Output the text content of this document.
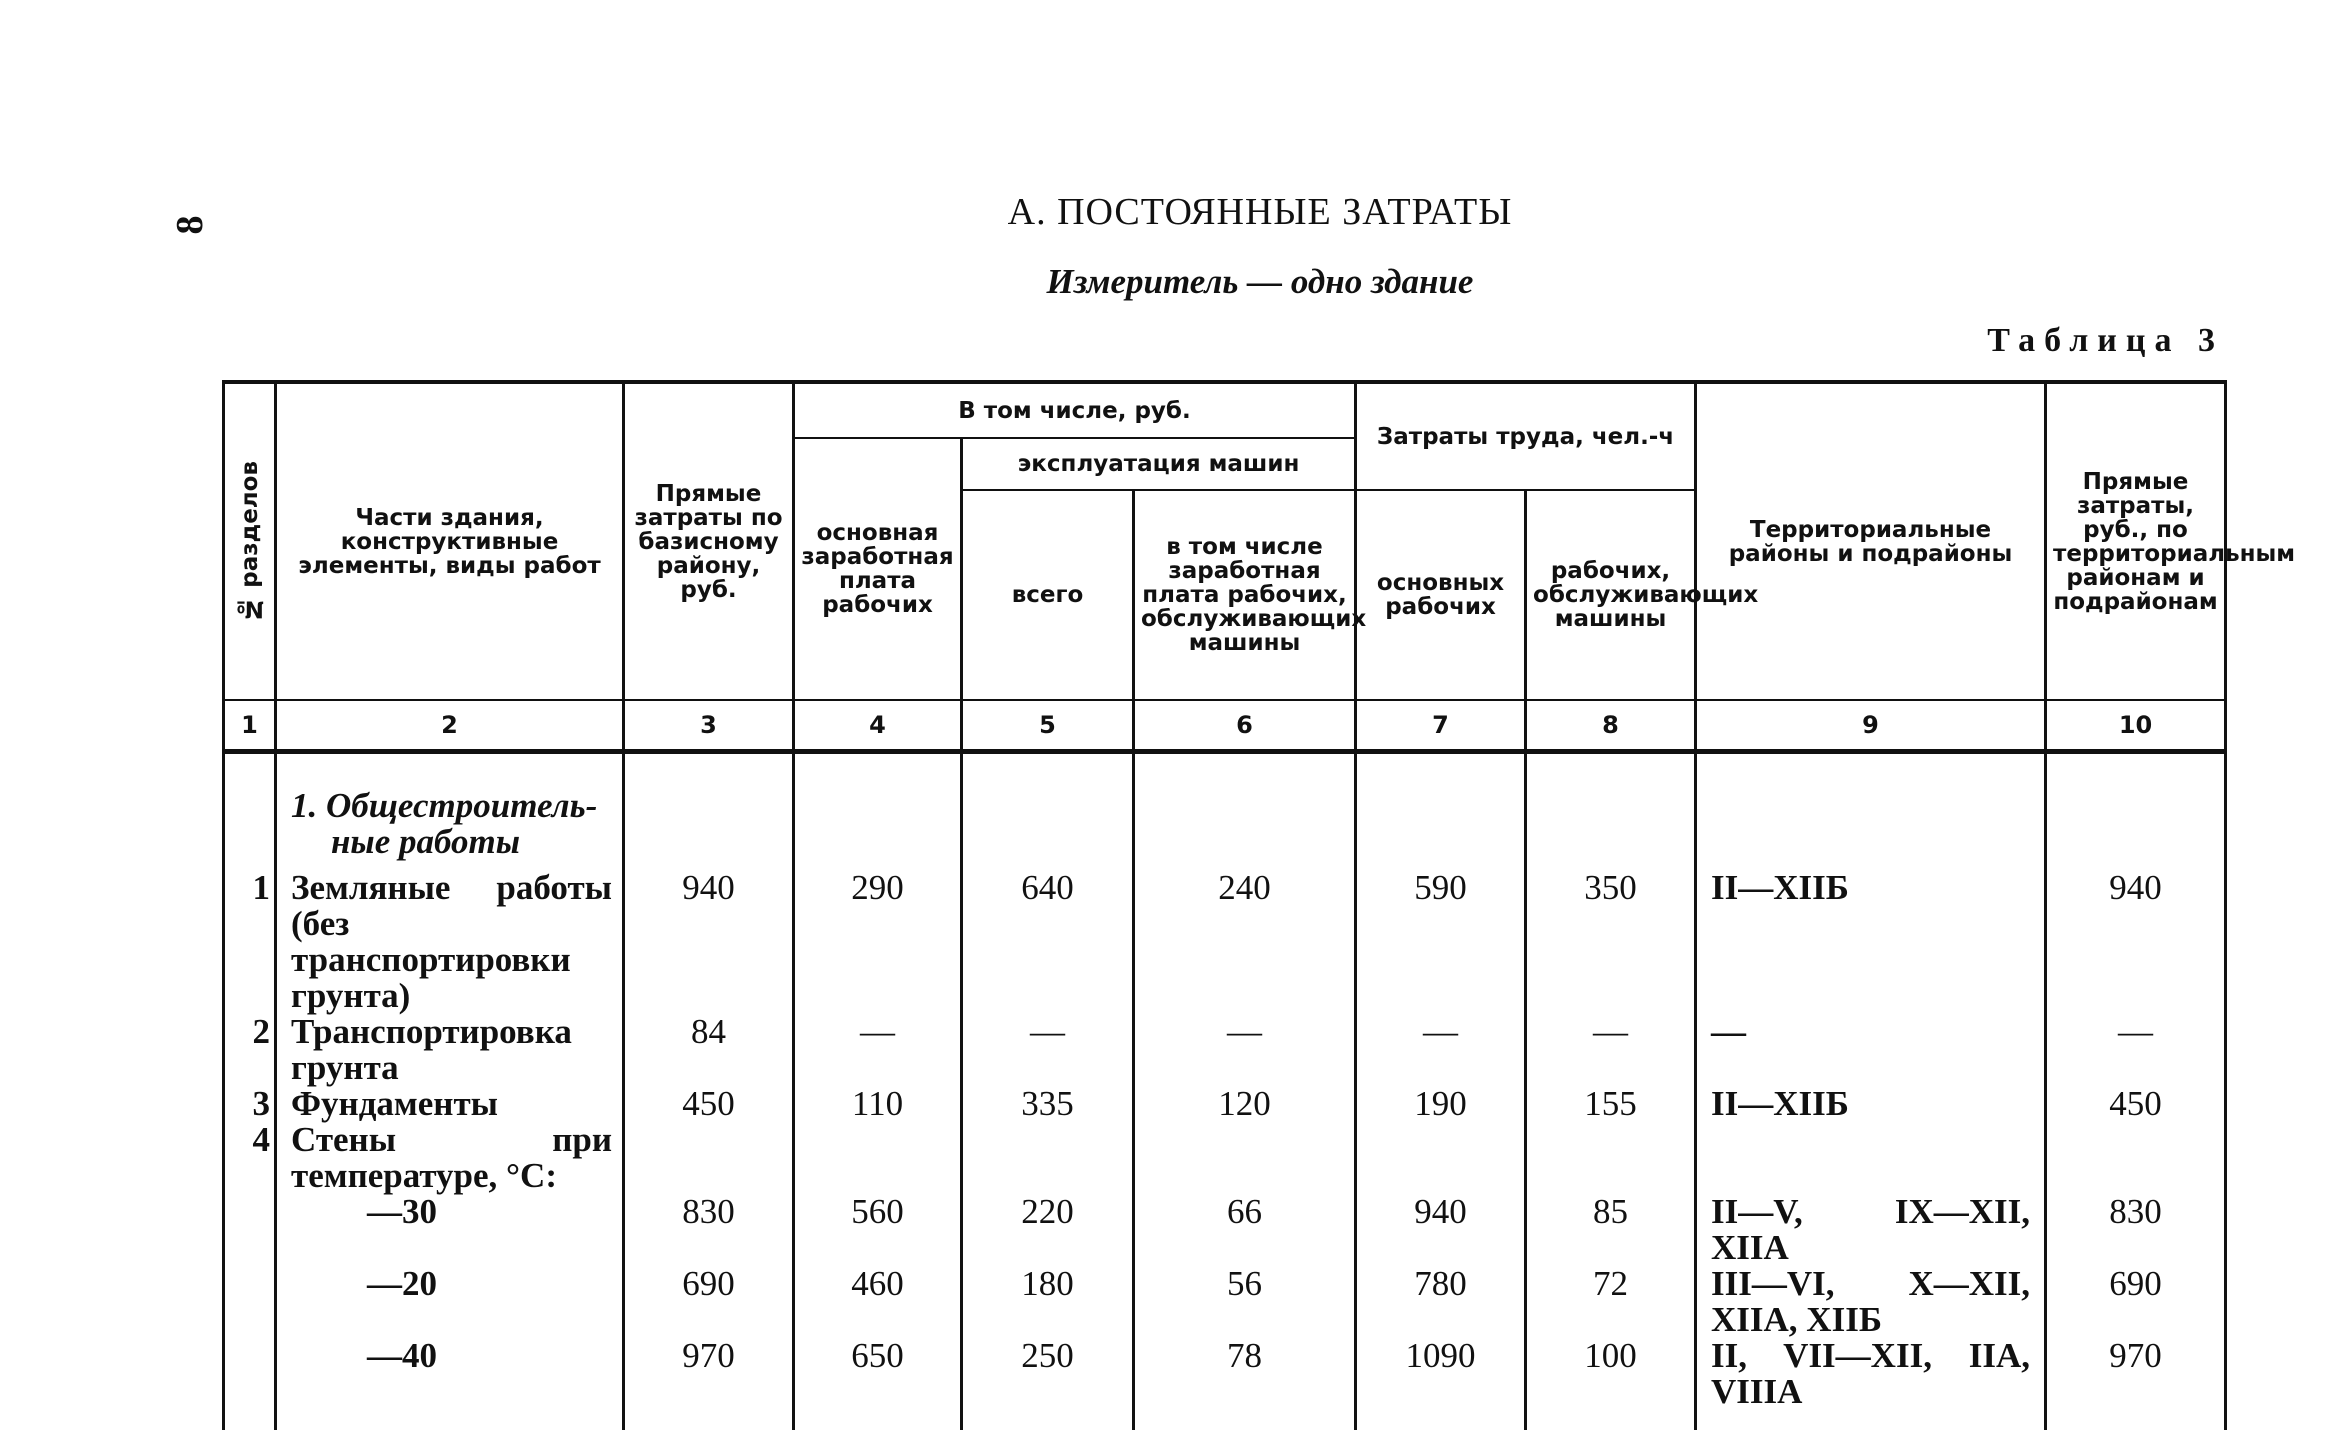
8	А. ПОСТОЯННЫЕ ЗАТРАТЫ
Измеритель — одно здание
Таблица 3
№ разделов	Части здания, конструктивные элементы, виды работ	Прямые затраты по базисному району, руб.	В том числе, руб.			Затраты труда, чел.-ч		Территориальные районы и подрайоны	Прямые затраты, руб., по территориальным районам и подрайонам
			основная заработная плата рабочих	эксплуатация машин					
				всего	в том числе заработная плата рабочих, обслуживающих машины	основных рабочих	рабочих, обслуживающих машины		
1	2	3	4	5	6	7	8	9	10

	1. Общестроитель-
ные работы								

1	Земляные работы (без транспортировки грунта)	940	290	640	240	590	350	II—XIIБ	940
2	Транспортировка грунта	84	—	—	—	—	—	—	—
3	Фундаменты	450	110	335	120	190	155	II—XIIБ	450
4	Стены при температуре, °С:								
	—30	830	560	220	66	940	85	II—V, IX—XII, XIIА	830
	—20	690	460	180	56	780	72	III—VI, X—XII, XIIА, XIIБ	690
	—40	970	650	250	78	1090	100	II, VII—XII, IIА, VIIIА	970
